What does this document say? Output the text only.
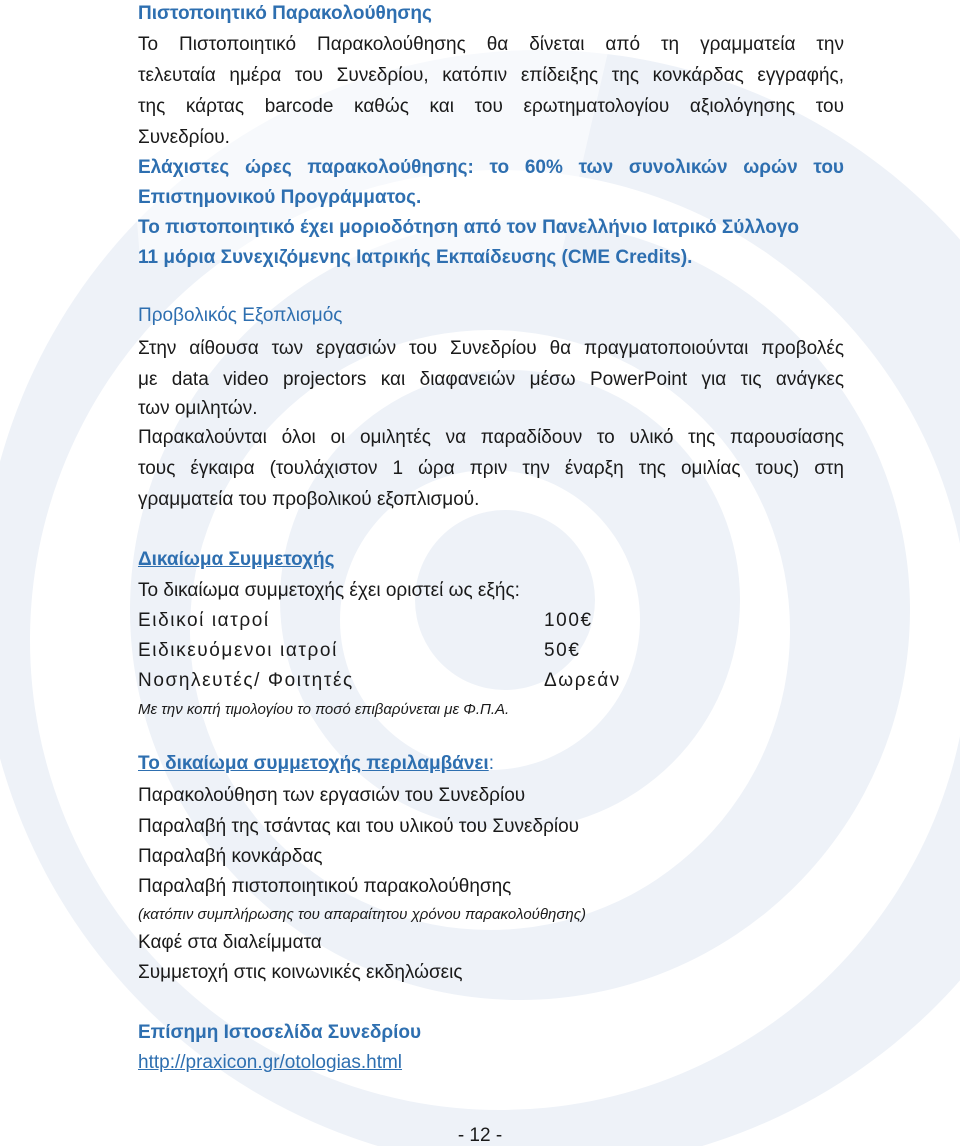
Πιστοποιητικό Παρακολούθησης
Το Πιστοποιητικό Παρακολούθησης θα δίνεται από τη γραμματεία την
τελευταία ημέρα του Συνεδρίου, κατόπιν επίδειξης της κονκάρδας εγγραφής,
της κάρτας barcode καθώς και του ερωτηματολογίου αξιολόγησης του
Συνεδρίου.
Ελάχιστες ώρες παρακολούθησης: το 60% των συνολικών ωρών του
Επιστημονικού Προγράμματος.
Το πιστοποιητικό έχει μοριοδότηση από τον Πανελλήνιο Ιατρικό Σύλλογο
11 μόρια Συνεχιζόμενης Ιατρικής Εκπαίδευσης (CME Credits).
Προβολικός Εξοπλισμός
Στην αίθουσα των εργασιών του Συνεδρίου θα πραγματοποιούνται προβολές
με data video projectors και διαφανειών μέσω PowerPoint για τις ανάγκες
των ομιλητών.
Παρακαλούνται όλοι οι ομιλητές να παραδίδουν το υλικό της παρουσίασης
τους έγκαιρα (τουλάχιστον 1 ώρα πριν την έναρξη της ομιλίας τους) στη
γραμματεία του προβολικού εξοπλισμού.
Δικαίωμα Συμμετοχής
Το δικαίωμα συμμετοχής έχει οριστεί ως εξής:
Ειδικοί ιατροί	100€
Ειδικευόμενοι ιατροί	50€
Νοσηλευτές/ Φοιτητές	Δωρεάν
Με την κοπή τιμολογίου το ποσό επιβαρύνεται με Φ.Π.Α.
Το δικαίωμα συμμετοχής περιλαμβάνει:
Παρακολούθηση των εργασιών του Συνεδρίου
Παραλαβή της τσάντας και του υλικού του Συνεδρίου
Παραλαβή κονκάρδας
Παραλαβή πιστοποιητικού παρακολούθησης
(κατόπιν συμπλήρωσης του απαραίτητου χρόνου παρακολούθησης)
Καφέ στα διαλείμματα
Συμμετοχή στις κοινωνικές εκδηλώσεις
Επίσημη Ιστοσελίδα Συνεδρίου
http://praxicon.gr/otologias.html
- 12 -
